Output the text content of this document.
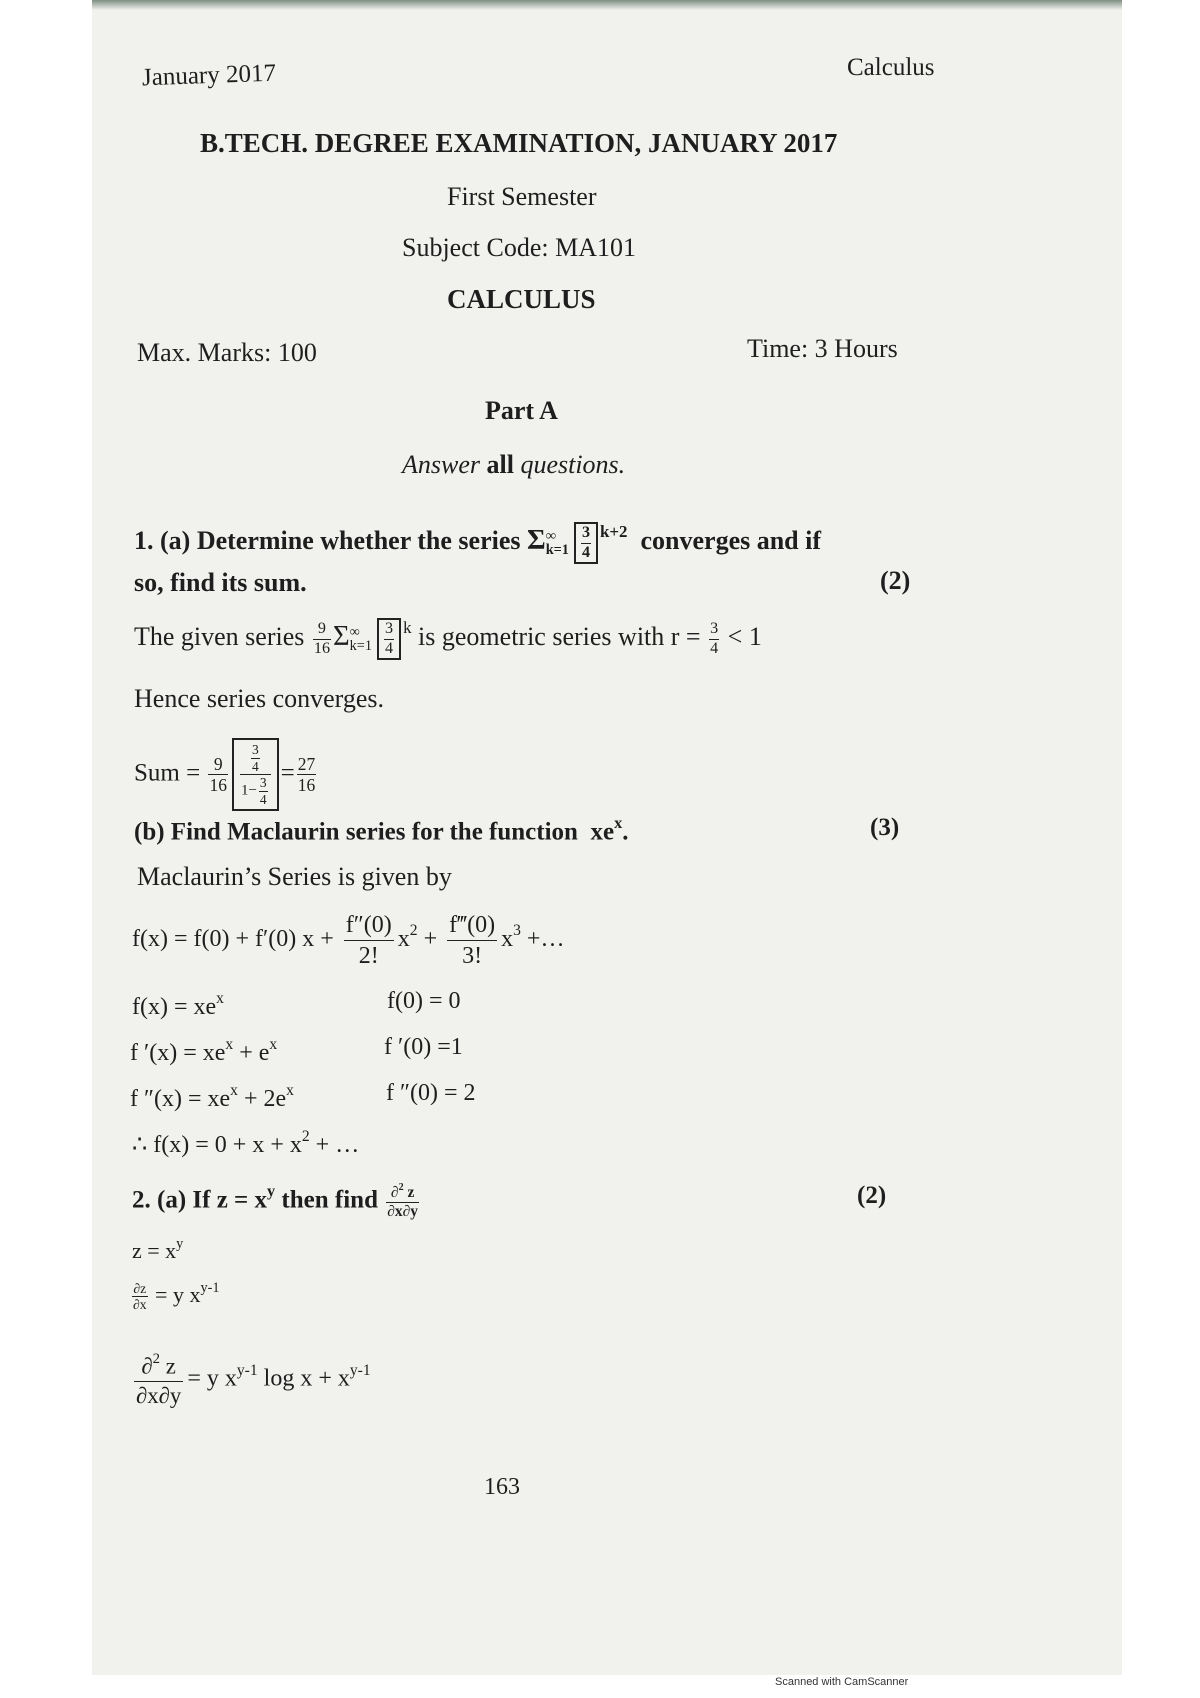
January 2017	Calculus
B.TECH. DEGREE EXAMINATION, JANUARY 2017
First Semester
Subject Code: MA101
CALCULUS
Max. Marks: 100	Time: 3 Hours
Part A
Answer all questions.
1. (a) Determine whether the series Σ ∞
$k=1 \frac{3}{4} ^{k+2}$ converges and if
so, find its sum.	(2)
The given series $\frac{9}{16}$ Σ ∞
$k=1 \frac{3}{4} ^k$ is geometric series with $r = \frac{3}{4} < 1$
Hence series converges.
Sum = $\frac{9}{16} \frac{\frac{3}{4}}{1- \frac{3}{4}} = \frac{27}{16}$
(b) Find Maclaurin series for the function $xe^x$.	(3)
Maclaurin’s Series is given by
f(x) = f(0) + f′(0) $x + \frac{f''(0)}{2!} x^2 + \frac{f‴(0)}{3!} x^3$ +…
$f(x) = xe^x$	f(0) = 0
f $'(x) = xe^x + e^x$	f ′(0) =1
f $''(x) = xe^x + 2e^x$	f ″(0) = 2
∴ $f(x) = 0 + x + x^2$ + …
2. (a) If $z = x^y$ then find $\frac{\partial^2 z}{\partial x\partial y}$	(2)
$z = x^y$
$\frac{\partial z}{\partial x} = y$ $x^{y-1}$
$\frac{\partial^2 z}{\partial x\partial y} = y$ $x^{y-1}$ $\log x + x^{y-1}$
163
Scanned with CamScanner
